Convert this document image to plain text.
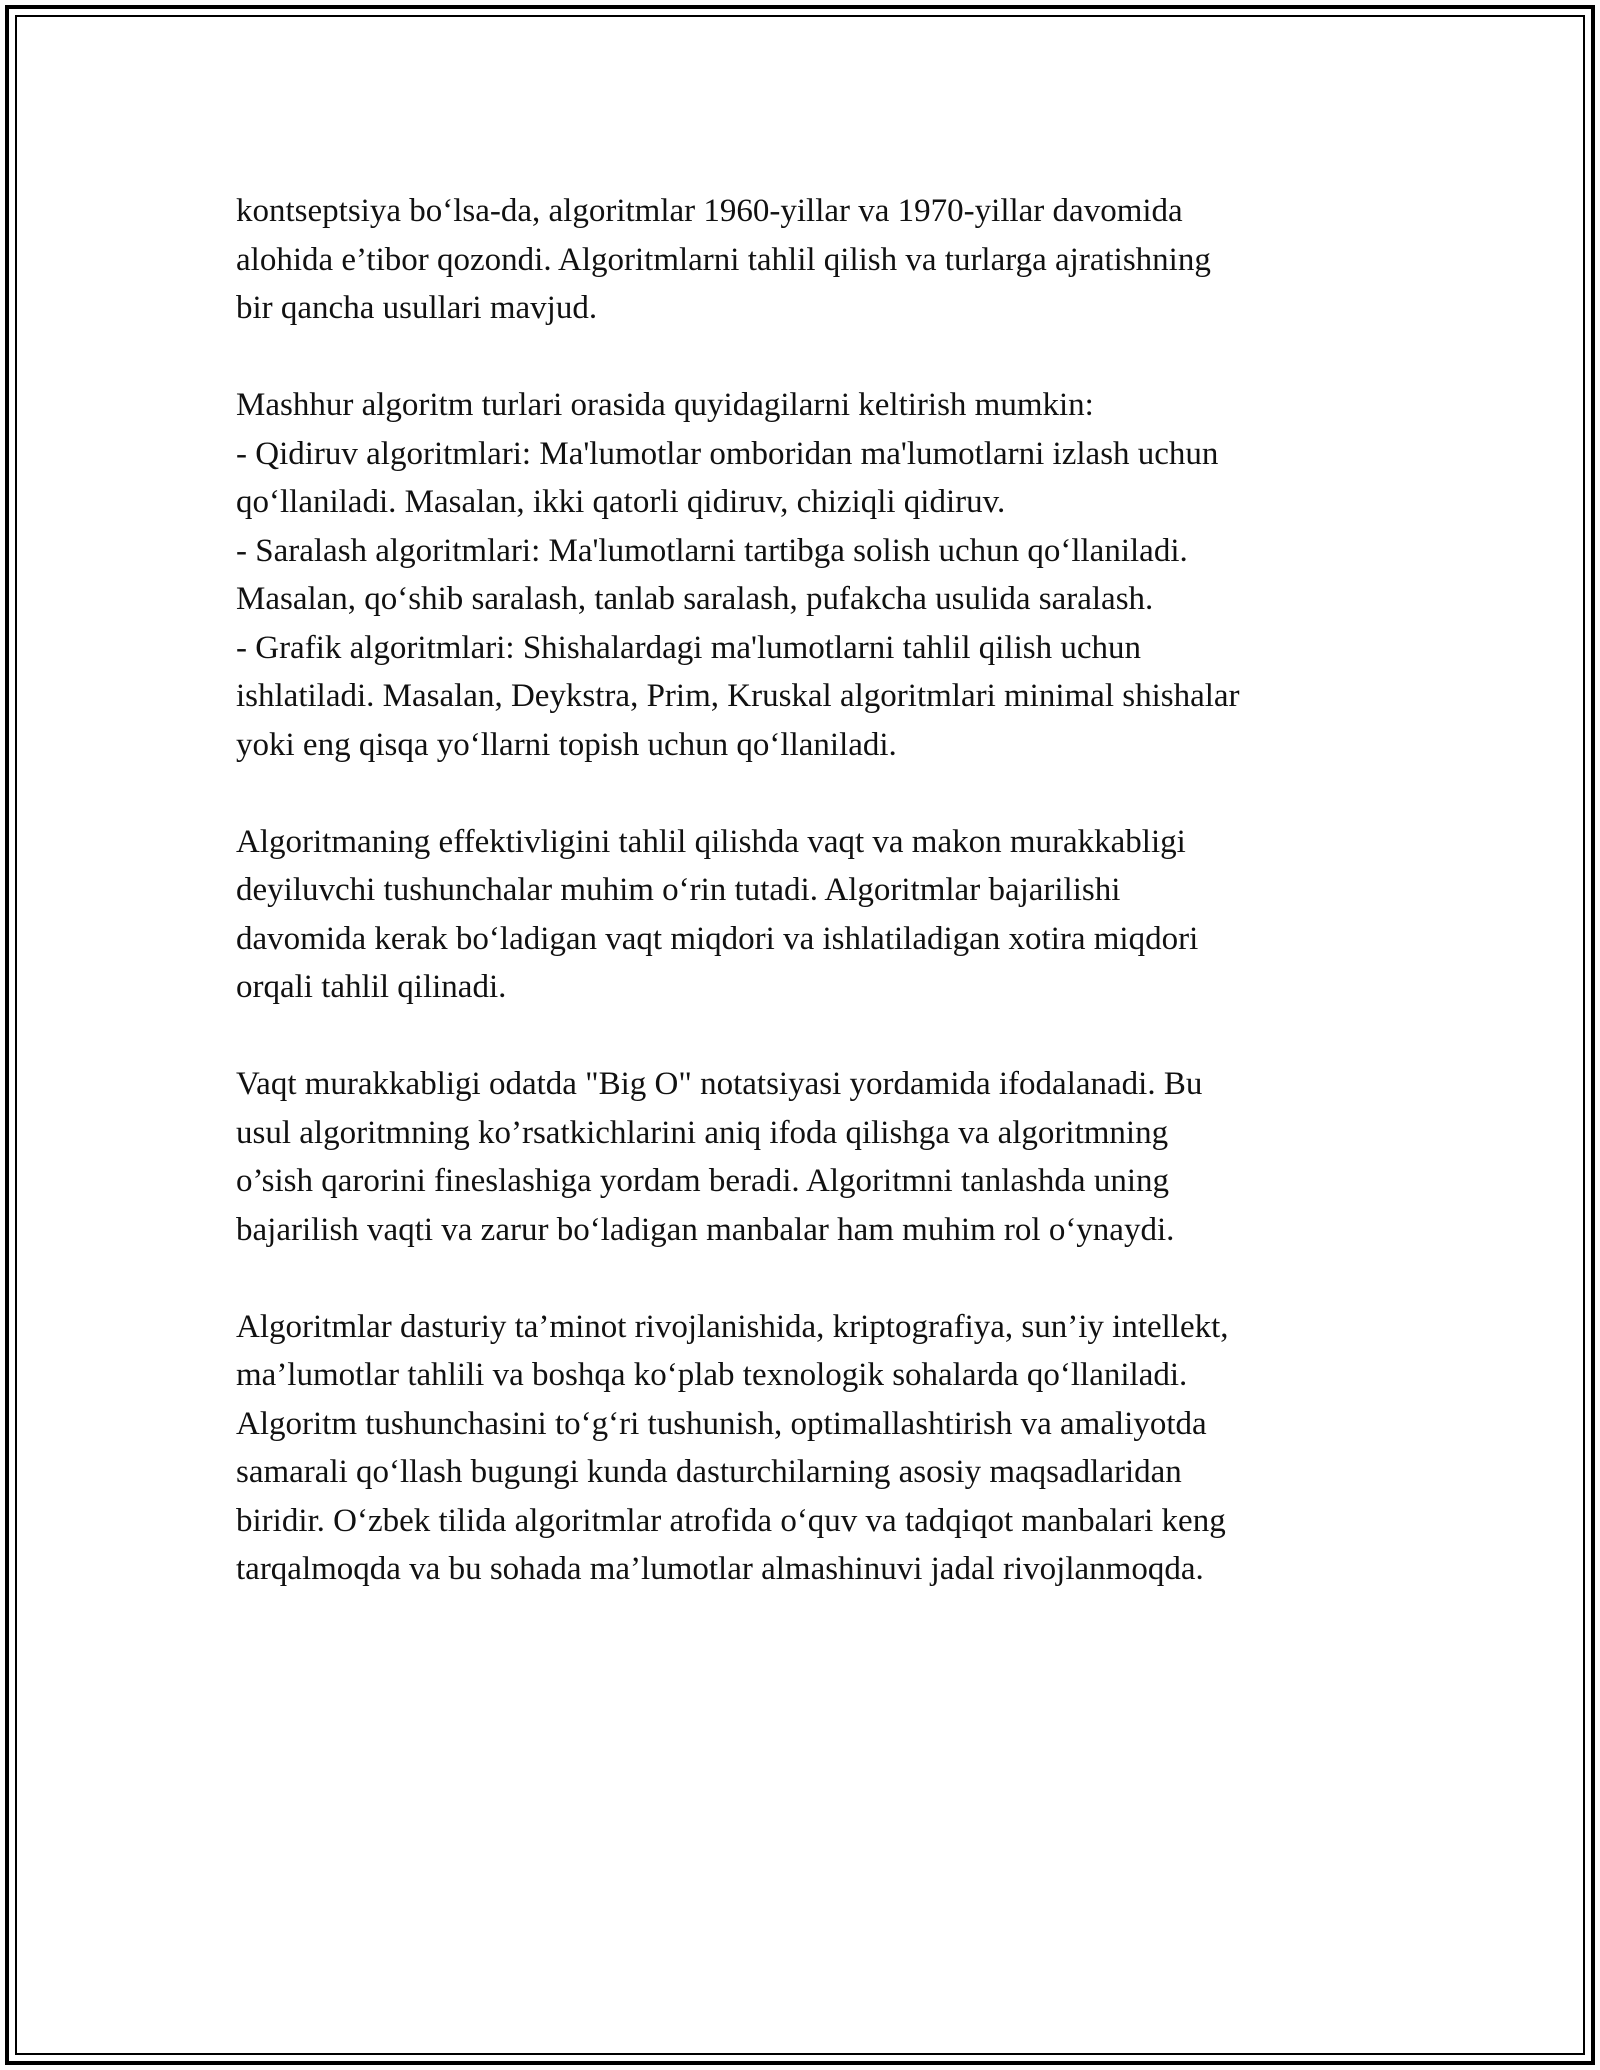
kontseptsiya bo‘lsa-da, algoritmlar 1960-yillar va 1970-yillar davomida
alohida e’tibor qozondi. Algoritmlarni tahlil qilish va turlarga ajratishning
bir qancha usullari mavjud.
Mashhur algoritm turlari orasida quyidagilarni keltirish mumkin:
- Qidiruv algoritmlari: Ma'lumotlar omboridan ma'lumotlarni izlash uchun
qo‘llaniladi. Masalan, ikki qatorli qidiruv, chiziqli qidiruv.
- Saralash algoritmlari: Ma'lumotlarni tartibga solish uchun qo‘llaniladi.
Masalan, qo‘shib saralash, tanlab saralash, pufakcha usulida saralash.
- Grafik algoritmlari: Shishalardagi ma'lumotlarni tahlil qilish uchun
ishlatiladi. Masalan, Deykstra, Prim, Kruskal algoritmlari minimal shishalar
yoki eng qisqa yo‘llarni topish uchun qo‘llaniladi.
Algoritmaning effektivligini tahlil qilishda vaqt va makon murakkabligi
deyiluvchi tushunchalar muhim o‘rin tutadi. Algoritmlar bajarilishi
davomida kerak bo‘ladigan vaqt miqdori va ishlatiladigan xotira miqdori
orqali tahlil qilinadi.
Vaqt murakkabligi odatda "Big O" notatsiyasi yordamida ifodalanadi. Bu
usul algoritmning ko’rsatkichlarini aniq ifoda qilishga va algoritmning
o’sish qarorini fineslashiga yordam beradi. Algoritmni tanlashda uning
bajarilish vaqti va zarur bo‘ladigan manbalar ham muhim rol o‘ynaydi.
Algoritmlar dasturiy ta’minot rivojlanishida, kriptografiya, sun’iy intellekt,
ma’lumotlar tahlili va boshqa ko‘plab texnologik sohalarda qo‘llaniladi.
Algoritm tushunchasini to‘g‘ri tushunish, optimallashtirish va amaliyotda
samarali qo‘llash bugungi kunda dasturchilarning asosiy maqsadlaridan
biridir. O‘zbek tilida algoritmlar atrofida o‘quv va tadqiqot manbalari keng
tarqalmoqda va bu sohada ma’lumotlar almashinuvi jadal rivojlanmoqda.
